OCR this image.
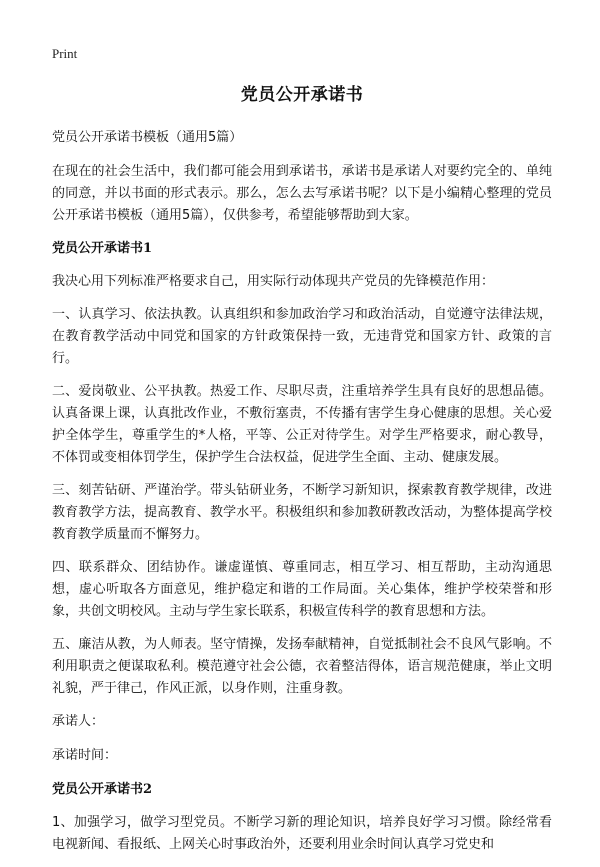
Print
党员公开承诺书
党员公开承诺书模板（通用5篇）
在现在的社会生活中，我们都可能会用到承诺书，承诺书是承诺人对要约完全的、单纯的同意，并以书面的形式表示。那么，怎么去写承诺书呢？以下是小编精心整理的党员公开承诺书模板（通用5篇），仅供参考，希望能够帮助到大家。
党员公开承诺书1
我决心用下列标准严格要求自己，用实际行动体现共产党员的先锋模范作用：
一、认真学习、依法执教。认真组织和参加政治学习和政治活动，自觉遵守法律法规，在教育教学活动中同党和国家的方针政策保持一致，无违背党和国家方针、政策的言行。
二、爱岗敬业、公平执教。热爱工作、尽职尽责，注重培养学生具有良好的思想品德。认真备课上课，认真批改作业，不敷衍塞责，不传播有害学生身心健康的思想。关心爱护全体学生，尊重学生的*人格，平等、公正对待学生。对学生严格要求，耐心教导，不体罚或变相体罚学生，保护学生合法权益，促进学生全面、主动、健康发展。
三、刻苦钻研、严谨治学。带头钻研业务，不断学习新知识，探索教育教学规律，改进教育教学方法，提高教育、教学水平。积极组织和参加教研教改活动，为整体提高学校教育教学质量而不懈努力。
四、联系群众、团结协作。谦虚谨慎、尊重同志，相互学习、相互帮助，主动沟通思想，虚心听取各方面意见，维护稳定和谐的工作局面。关心集体，维护学校荣誉和形象，共创文明校风。主动与学生家长联系，积极宣传科学的教育思想和方法。
五、廉洁从教，为人师表。坚守情操，发扬奉献精神，自觉抵制社会不良风气影响。不利用职责之便谋取私利。模范遵守社会公德，衣着整洁得体，语言规范健康，举止文明礼貌，严于律己，作风正派，以身作则，注重身教。
承诺人：
承诺时间：
党员公开承诺书2
1、加强学习，做学习型党员。不断学习新的理论知识，培养良好学习习惯。除经常看电视新闻、看报纸、上网关心时事政治外，还要利用业余时间认真学习党史和
